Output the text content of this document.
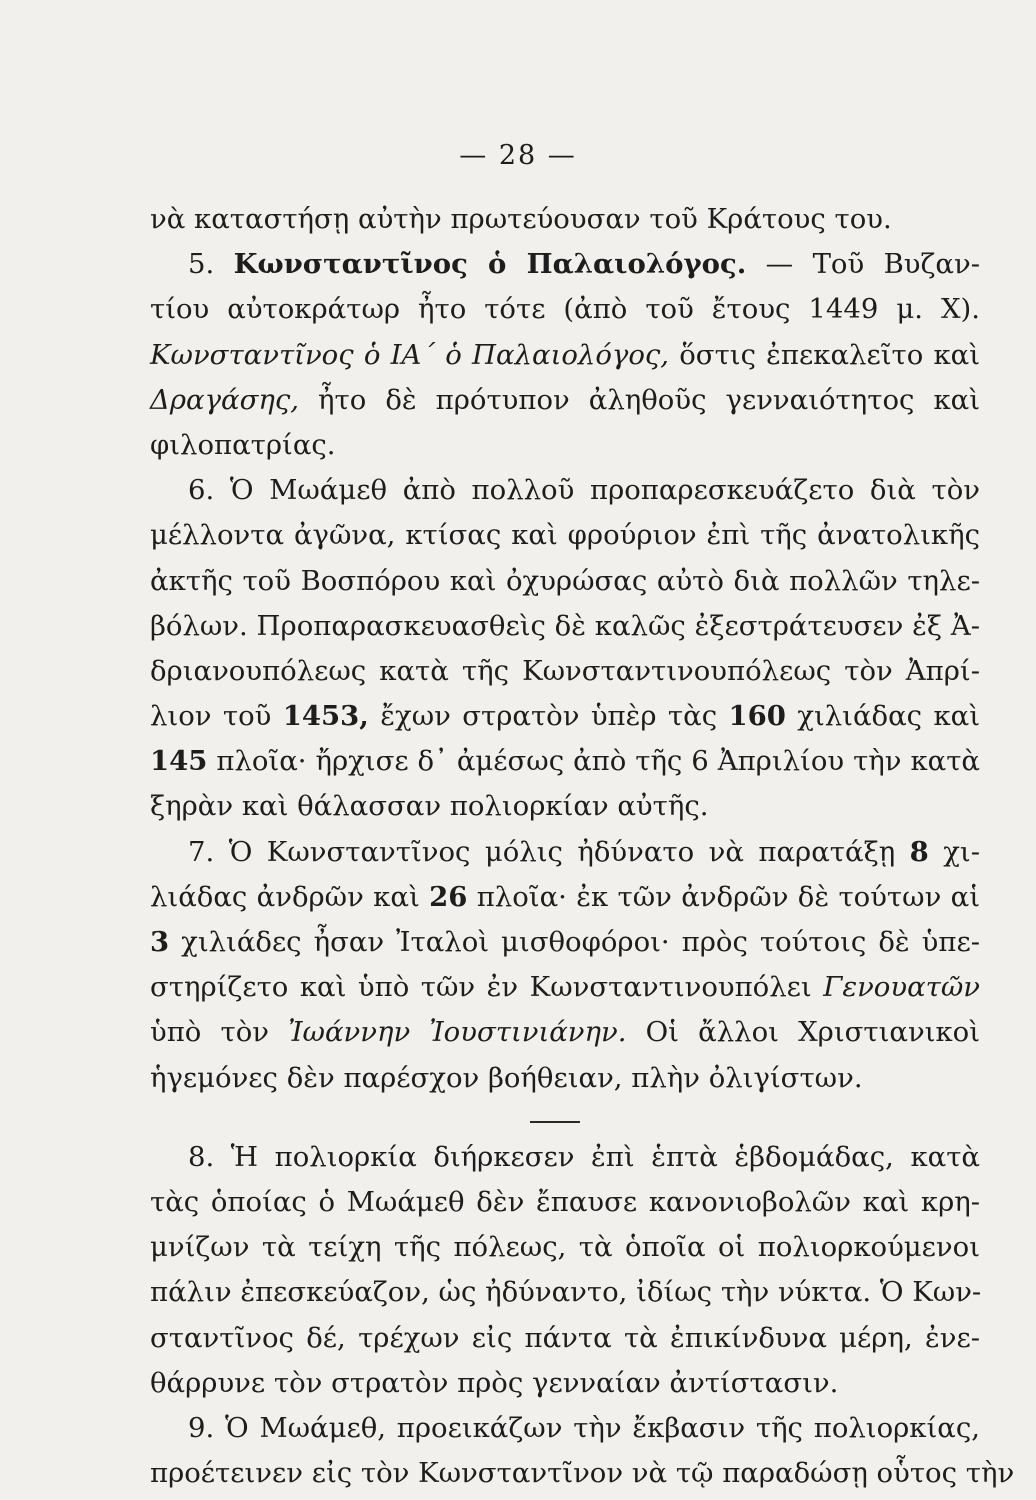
— 28 —
νὰ καταστήσῃ αὐτὴν πρωτεύουσαν τοῦ Κράτους του.
5. Κωνσταντῖνος ὁ Παλαιολόγος. — Τοῦ Βυζαν-
τίου αὐτοκράτωρ ἦτο τότε (ἀπὸ τοῦ ἔτους 1449 μ. Χ).
Κωνσταντῖνος ὁ ΙΑ΄ ὁ Παλαιολόγος, ὅστις ἐπεκαλεῖτο καὶ
Δραγάσης, ἦτο δὲ πρότυπον ἀληθοῦς γενναιότητος καὶ
φιλοπατρίας.
6. Ὁ Μωάμεθ ἀπὸ πολλοῦ προπαρεσκευάζετο διὰ τὸν
μέλλοντα ἀγῶνα, κτίσας καὶ φρούριον ἐπὶ τῆς ἀνατολικῆς
ἀκτῆς τοῦ Βοσπόρου καὶ ὀχυρώσας αὐτὸ διὰ πολλῶν τηλε-
βόλων. Προπαρασκευασθεὶς δὲ καλῶς ἐξεστράτευσεν ἐξ Ἀ-
δριανουπόλεως κατὰ τῆς Κωνσταντινουπόλεως τὸν Ἀπρί-
λιον τοῦ 1453, ἔχων στρατὸν ὑπὲρ τὰς 160 χιλιάδας καὶ
145 πλοῖα· ἤρχισε δ᾽ ἀμέσως ἀπὸ τῆς 6 Ἀπριλίου τὴν κατὰ
ξηρὰν καὶ θάλασσαν πολιορκίαν αὐτῆς.
7. Ὁ Κωνσταντῖνος μόλις ἠδύνατο νὰ παρατάξῃ 8 χι-
λιάδας ἀνδρῶν καὶ 26 πλοῖα· ἐκ τῶν ἀνδρῶν δὲ τούτων αἱ
3 χιλιάδες ἦσαν Ἰταλοὶ μισθοφόροι· πρὸς τούτοις δὲ ὑπε-
στηρίζετο καὶ ὑπὸ τῶν ἐν Κωνσταντινουπόλει Γενουατῶν
ὑπὸ τὸν Ἰωάννην Ἰουστινιάνην. Οἱ ἄλλοι Χριστιανικοὶ
ἡγεμόνες δὲν παρέσχον βοήθειαν, πλὴν ὀλιγίστων.
8. Ἡ πολιορκία διήρκεσεν ἐπὶ ἑπτὰ ἑβδομάδας, κατὰ
τὰς ὁποίας ὁ Μωάμεθ δὲν ἔπαυσε κανονιοβολῶν καὶ κρη-
μνίζων τὰ τείχη τῆς πόλεως, τὰ ὁποῖα οἱ πολιορκούμενοι
πάλιν ἐπεσκεύαζον, ὡς ἠδύναντο, ἰδίως τὴν νύκτα. Ὁ Κων-
σταντῖνος δέ, τρέχων εἰς πάντα τὰ ἐπικίνδυνα μέρη, ἐνε-
θάρρυνε τὸν στρατὸν πρὸς γενναίαν ἀντίστασιν.
9. Ὁ Μωάμεθ, προεικάζων τὴν ἔκβασιν τῆς πολιορκίας,
προέτεινεν εἰς τὸν Κωνσταντῖνον νὰ τῷ παραδώσῃ οὗτος τὴν
